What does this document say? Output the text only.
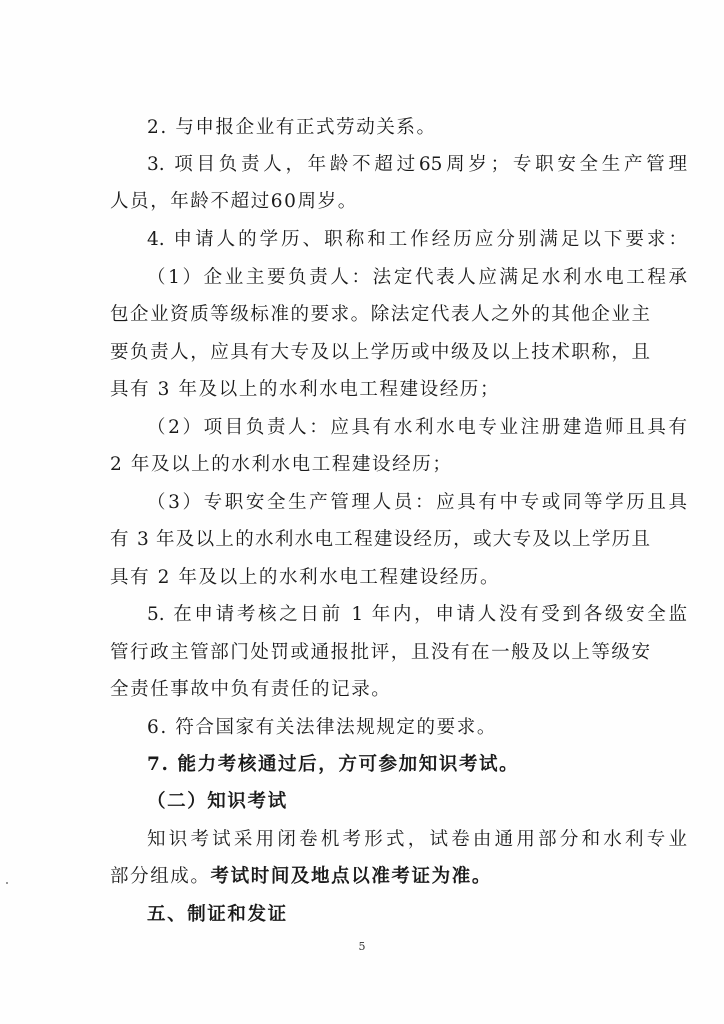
2. 与申报企业有正式劳动关系。
3. 项目负责人，年龄不超过65周岁；专职安全生产管理
人员，年龄不超过60周岁。
4. 申请人的学历、职称和工作经历应分别满足以下要求：
（1）企业主要负责人：法定代表人应满足水利水电工程承
包企业资质等级标准的要求。除法定代表人之外的其他企业主
要负责人，应具有大专及以上学历或中级及以上技术职称，且
具有 3 年及以上的水利水电工程建设经历；
（2）项目负责人：应具有水利水电专业注册建造师且具有
2 年及以上的水利水电工程建设经历；
（3）专职安全生产管理人员：应具有中专或同等学历且具
有 3 年及以上的水利水电工程建设经历，或大专及以上学历且
具有 2 年及以上的水利水电工程建设经历。
5. 在申请考核之日前 1 年内，申请人没有受到各级安全监
管行政主管部门处罚或通报批评，且没有在一般及以上等级安
全责任事故中负有责任的记录。
6. 符合国家有关法律法规规定的要求。
7. 能力考核通过后，方可参加知识考试。
（二）知识考试
知识考试采用闭卷机考形式，试卷由通用部分和水利专业
部分组成。考试时间及地点以准考证为准。
五、制证和发证
5
